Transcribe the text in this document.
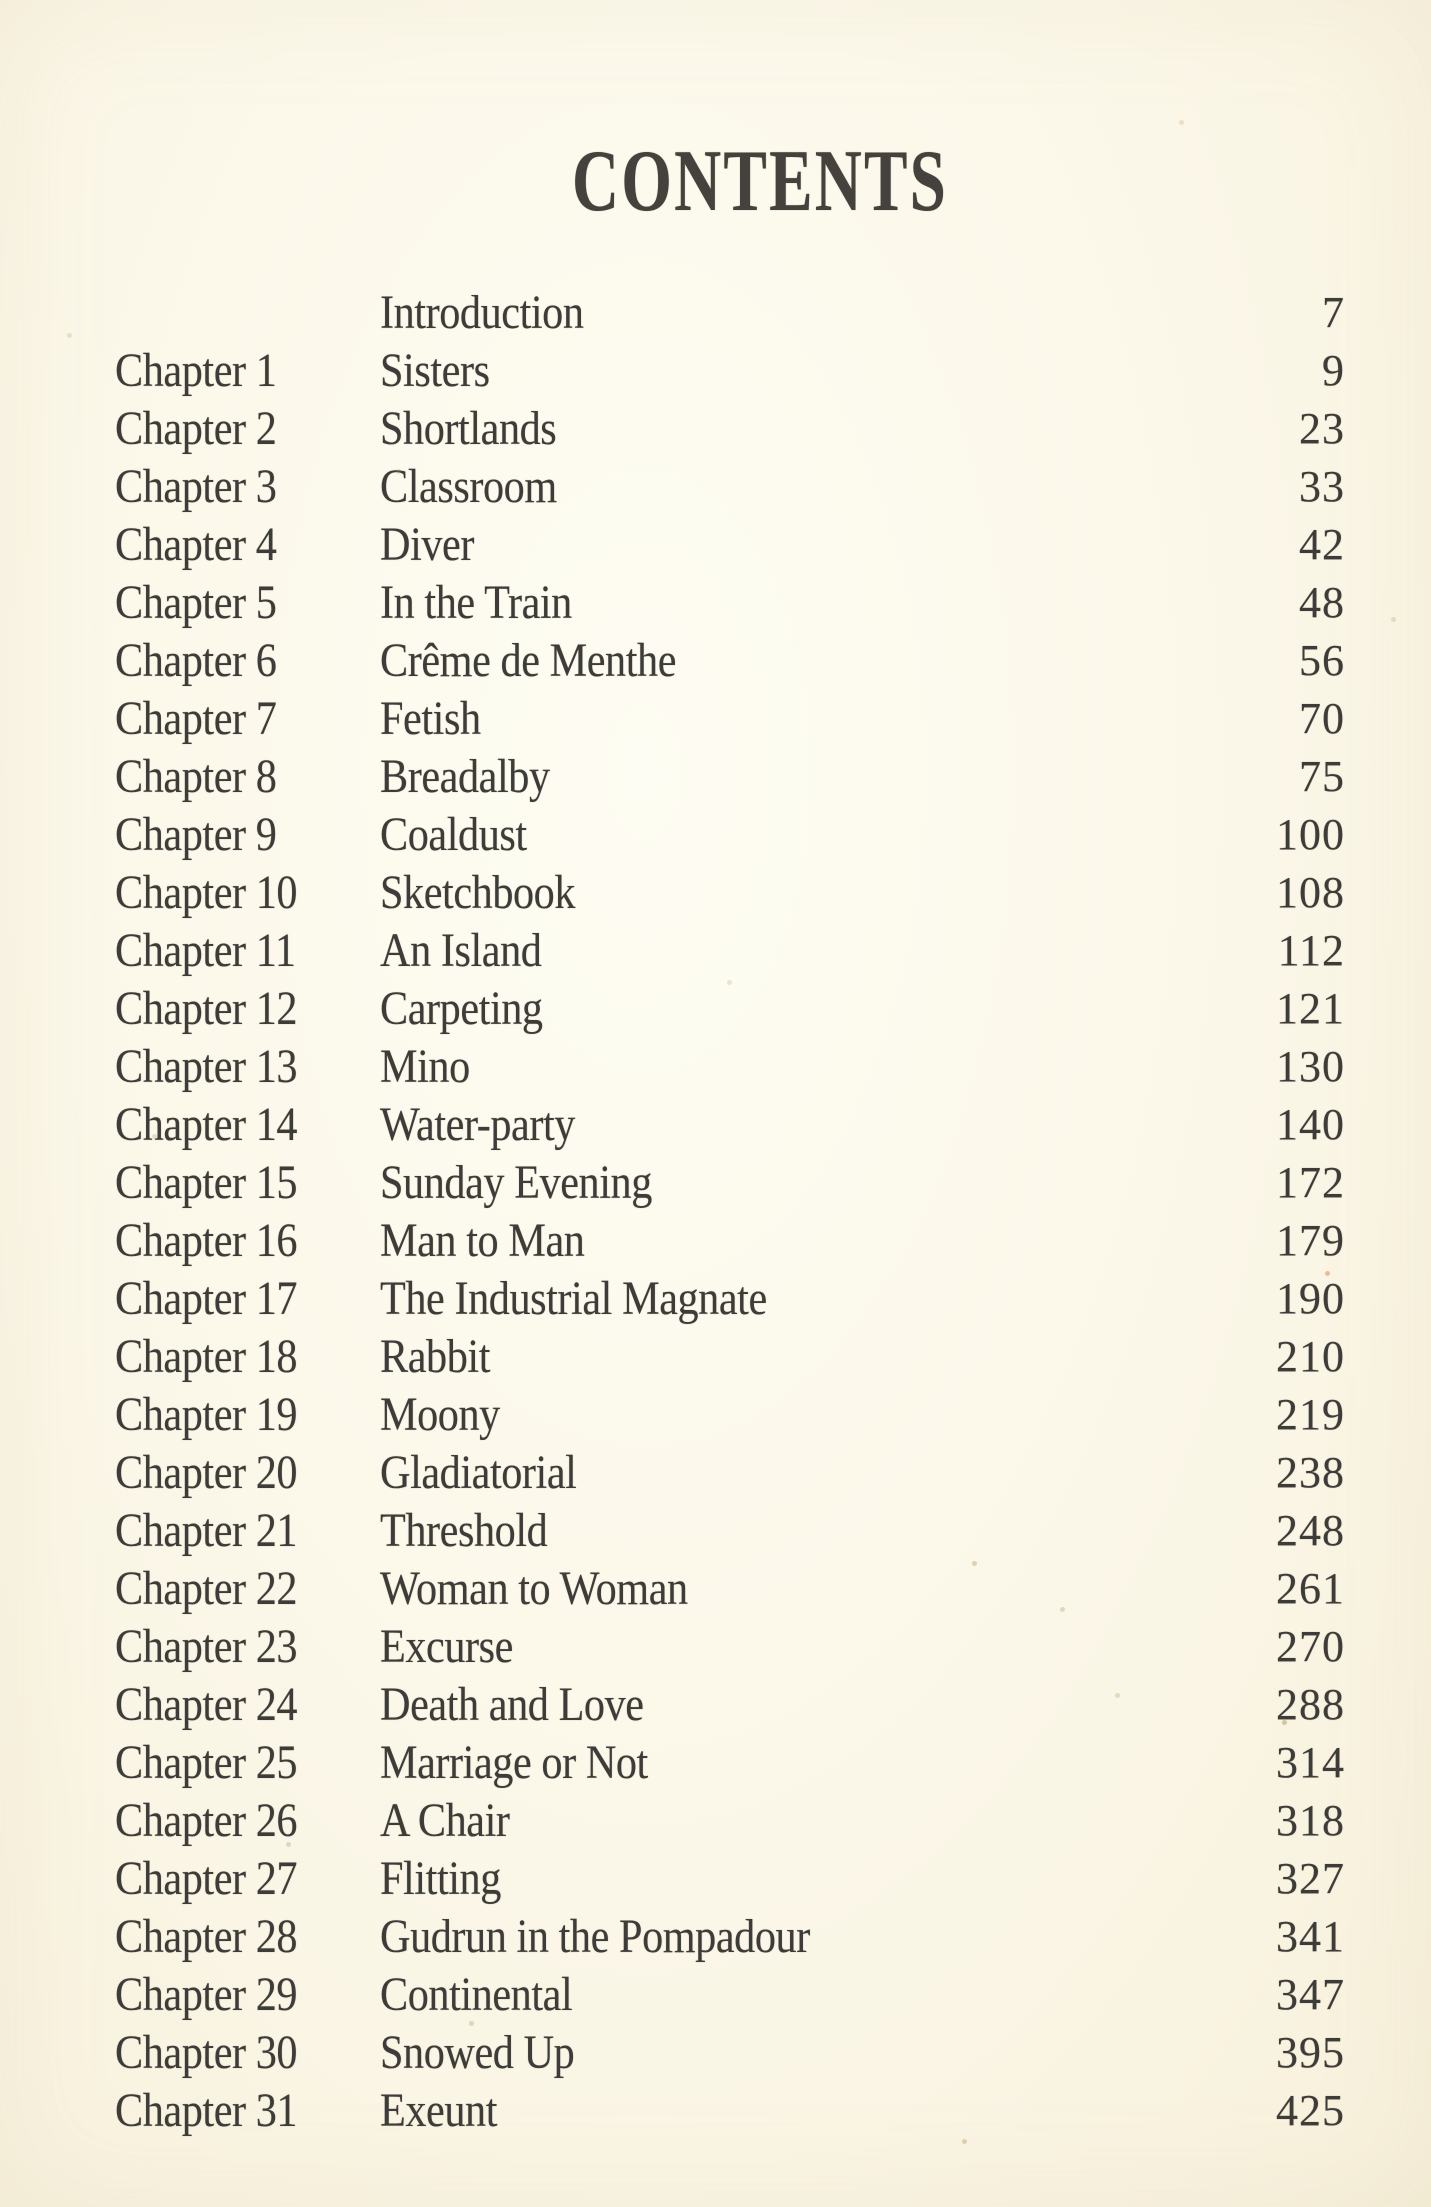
CONTENTS
Introduction	7
Chapter 1 Sisters	9
Chapter 2 Shortlands	23
Chapter 3 Classroom	33
Chapter 4 Diver	42
Chapter 5 In the Train	48
Chapter 6 Crême de Menthe	56
Chapter 7 Fetish	70
Chapter 8 Breadalby	75
Chapter 9 Coaldust	100
Chapter 10 Sketchbook	108
Chapter 11 An Island	112
Chapter 12 Carpeting	121
Chapter 13 Mino	130
Chapter 14 Water-party	140
Chapter 15 Sunday Evening	172
Chapter 16 Man to Man	179
Chapter 17 The Industrial Magnate	190
Chapter 18 Rabbit	210
Chapter 19 Moony	219
Chapter 20 Gladiatorial	238
Chapter 21 Threshold	248
Chapter 22 Woman to Woman	261
Chapter 23 Excurse	270
Chapter 24 Death and Love	288
Chapter 25 Marriage or Not	314
Chapter 26 A Chair	318
Chapter 27 Flitting	327
Chapter 28 Gudrun in the Pompadour	341
Chapter 29 Continental	347
Chapter 30 Snowed Up	395
Chapter 31 Exeunt	425
